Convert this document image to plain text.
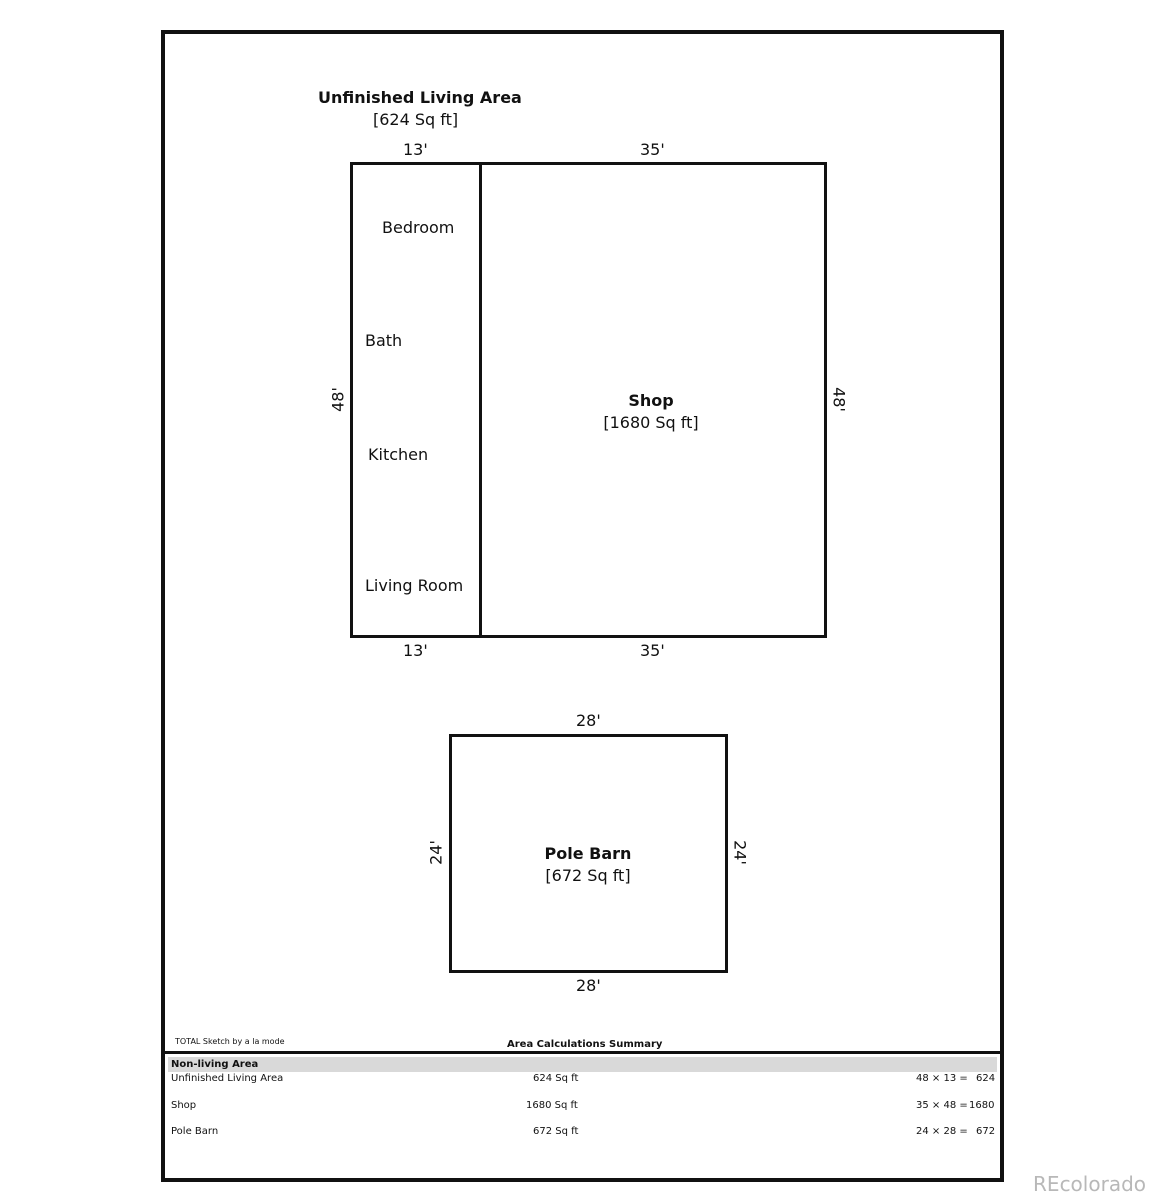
Unfinished Living Area
[624 Sq ft]
13'	35'
Bedroom
Bath
Kitchen
Living Room
48'	48'
Shop
[1680 Sq ft]
13'	35'
28'
24'	24'
Pole Barn
[672 Sq ft]
28'
TOTAL Sketch by a la mode	Area Calculations Summary
Non-living Area
Unfinished Living Area	624 Sq ft	48 × 13 = 624
Shop	1680 Sq ft	35 × 48 = 1680
Pole Barn	672 Sq ft	24 × 28 = 672
REcolorado
